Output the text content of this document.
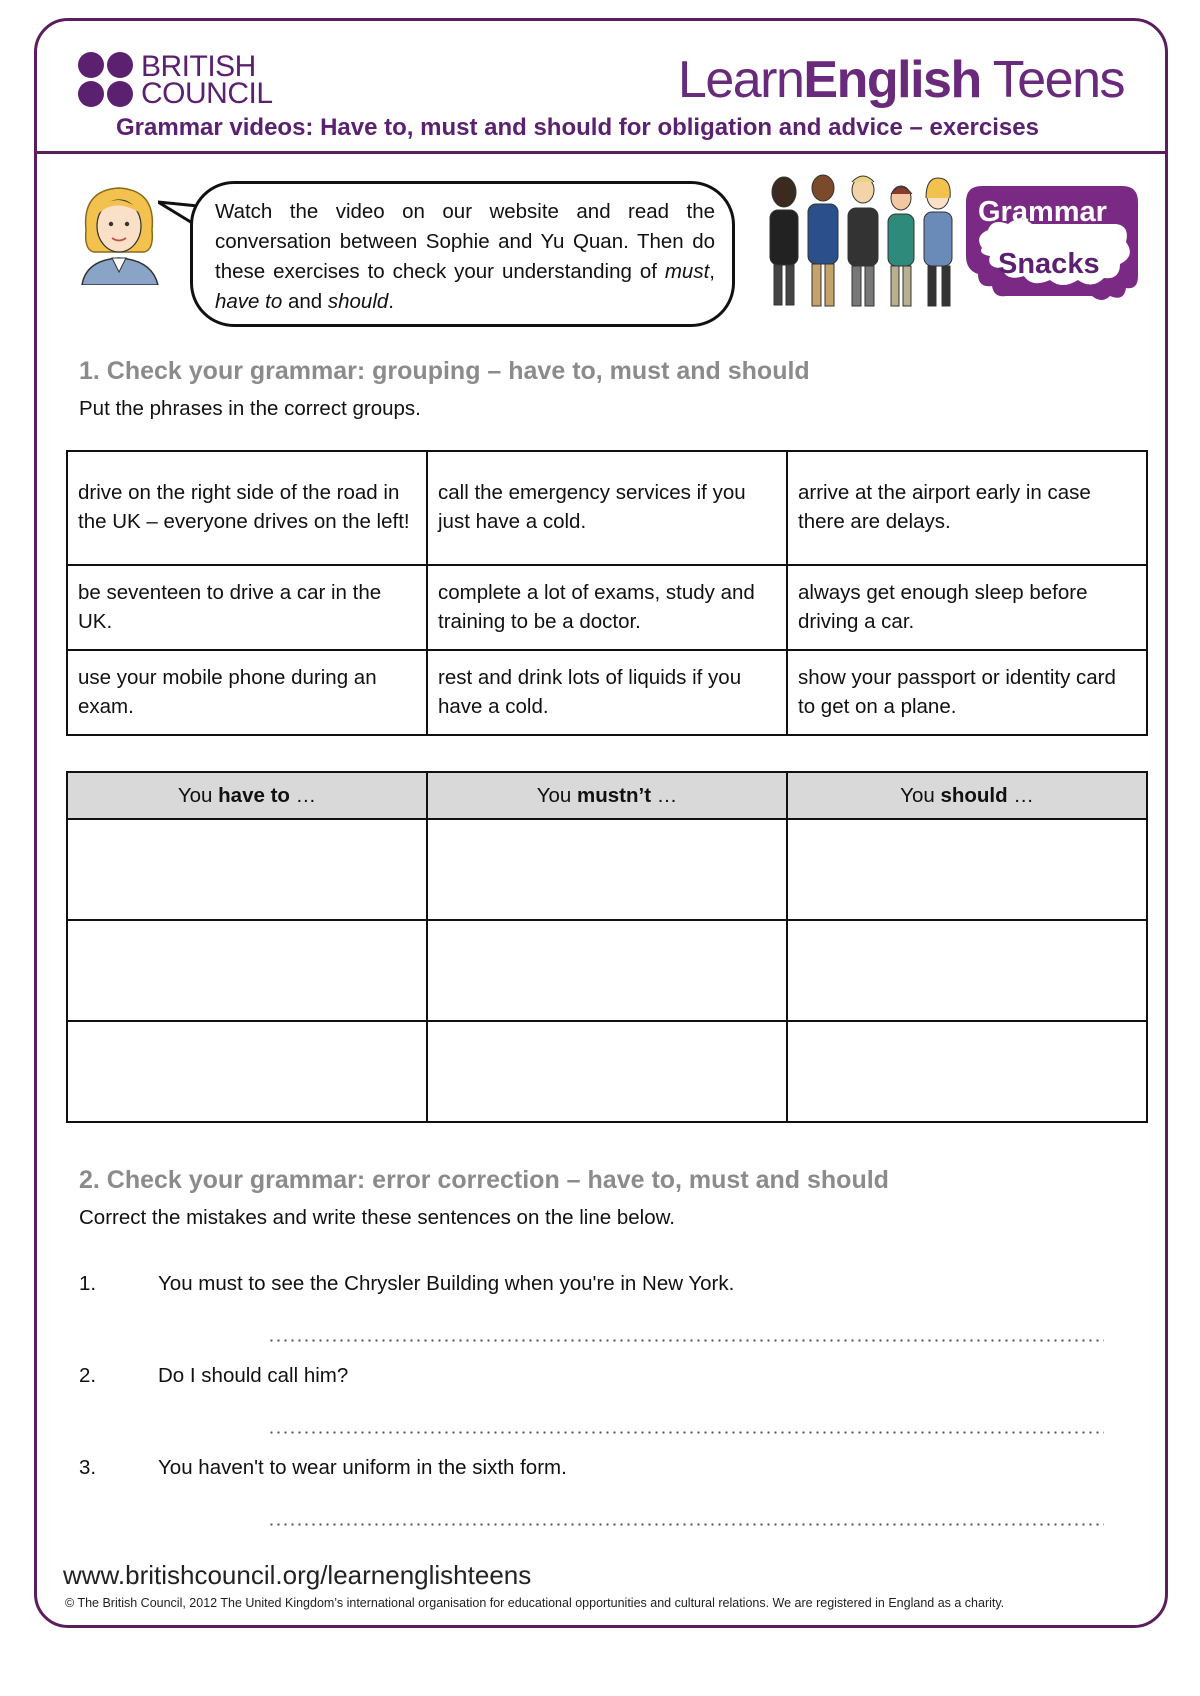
BRITISH
COUNCIL	LearnEnglish Teens
Grammar videos: Have to, must and should for obligation and advice – exercises
Watch the video on our website and read the conversation between Sophie and Yu Quan. Then do these exercises to check your understanding of must, have to and should.
Grammar
Snacks
1. Check your grammar: grouping – have to, must and should
Put the phrases in the correct groups.
drive on the right side of the road in the UK – everyone drives on the left!	call the emergency services if you just have a cold.	arrive at the airport early in case there are delays.
be seventeen to drive a car in the UK.	complete a lot of exams, study and training to be a doctor.	always get enough sleep before driving a car.
use your mobile phone during an exam.	rest and drink lots of liquids if you have a cold.	show your passport or identity card to get on a plane.
You have to …	You mustn’t …	You should …

2. Check your grammar: error correction – have to, must and should
Correct the mistakes and write these sentences on the line below.
1.	You must to see the Chrysler Building when you're in New York.
2.	Do I should call him?
3.	You haven't to wear uniform in the sixth form.
www.britishcouncil.org/learnenglishteens
© The British Council, 2012 The United Kingdom’s international organisation for educational opportunities and cultural relations. We are registered in England as a charity.
